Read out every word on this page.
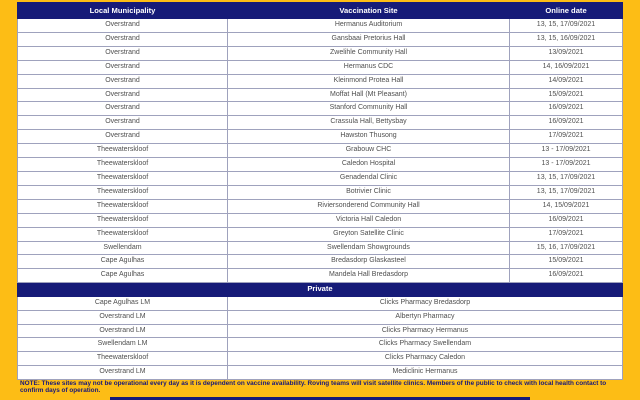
Local Municipality	Vaccination Site	Online date
Overstrand	Hermanus Auditorium	13, 15, 17/09/2021
Overstrand	Gansbaai Pretorius Hall	13, 15, 16/09/2021
Overstrand	Zwelihle Community Hall	13/09/2021
Overstrand	Hermanus CDC	14, 16/09/2021
Overstrand	Kleinmond Protea Hall	14/09/2021
Overstrand	Moffat Hall (Mt Pleasant)	15/09/2021
Overstrand	Stanford Community Hall	16/09/2021
Overstrand	Crassula Hall, Bettysbay	16/09/2021
Overstrand	Hawston Thusong	17/09/2021
Theewaterskloof	Grabouw CHC	13 - 17/09/2021
Theewaterskloof	Caledon Hospital	13 - 17/09/2021
Theewaterskloof	Genadendal Clinic	13, 15, 17/09/2021
Theewaterskloof	Botrivier Clinic	13, 15, 17/09/2021
Theewaterskloof	Riviersonderend Community Hall	14, 15/09/2021
Theewaterskloof	Victoria Hall Caledon	16/09/2021
Theewaterskloof	Greyton Satellite Clinic	17/09/2021
Swellendam	Swellendam Showgrounds	15, 16, 17/09/2021
Cape Agulhas	Bredasdorp Glaskasteel	15/09/2021
Cape Agulhas	Mandela Hall Bredasdorp	16/09/2021
Private		
Cape Agulhas LM	Clicks Pharmacy Bredasdorp	
Overstrand LM	Albertyn Pharmacy	
Overstrand LM	Clicks Pharmacy Hermanus	
Swellendam LM	Clicks Pharmacy Swellendam	
Theewaterskloof	Clicks Pharmacy Caledon	
Overstrand LM	Mediclinic Hermanus	
NOTE: These sites may not be operational every day as it is dependent on vaccine availability. Roving teams will visit satellite clinics. Members of the public to check with local health contact to confirm days of operation.
